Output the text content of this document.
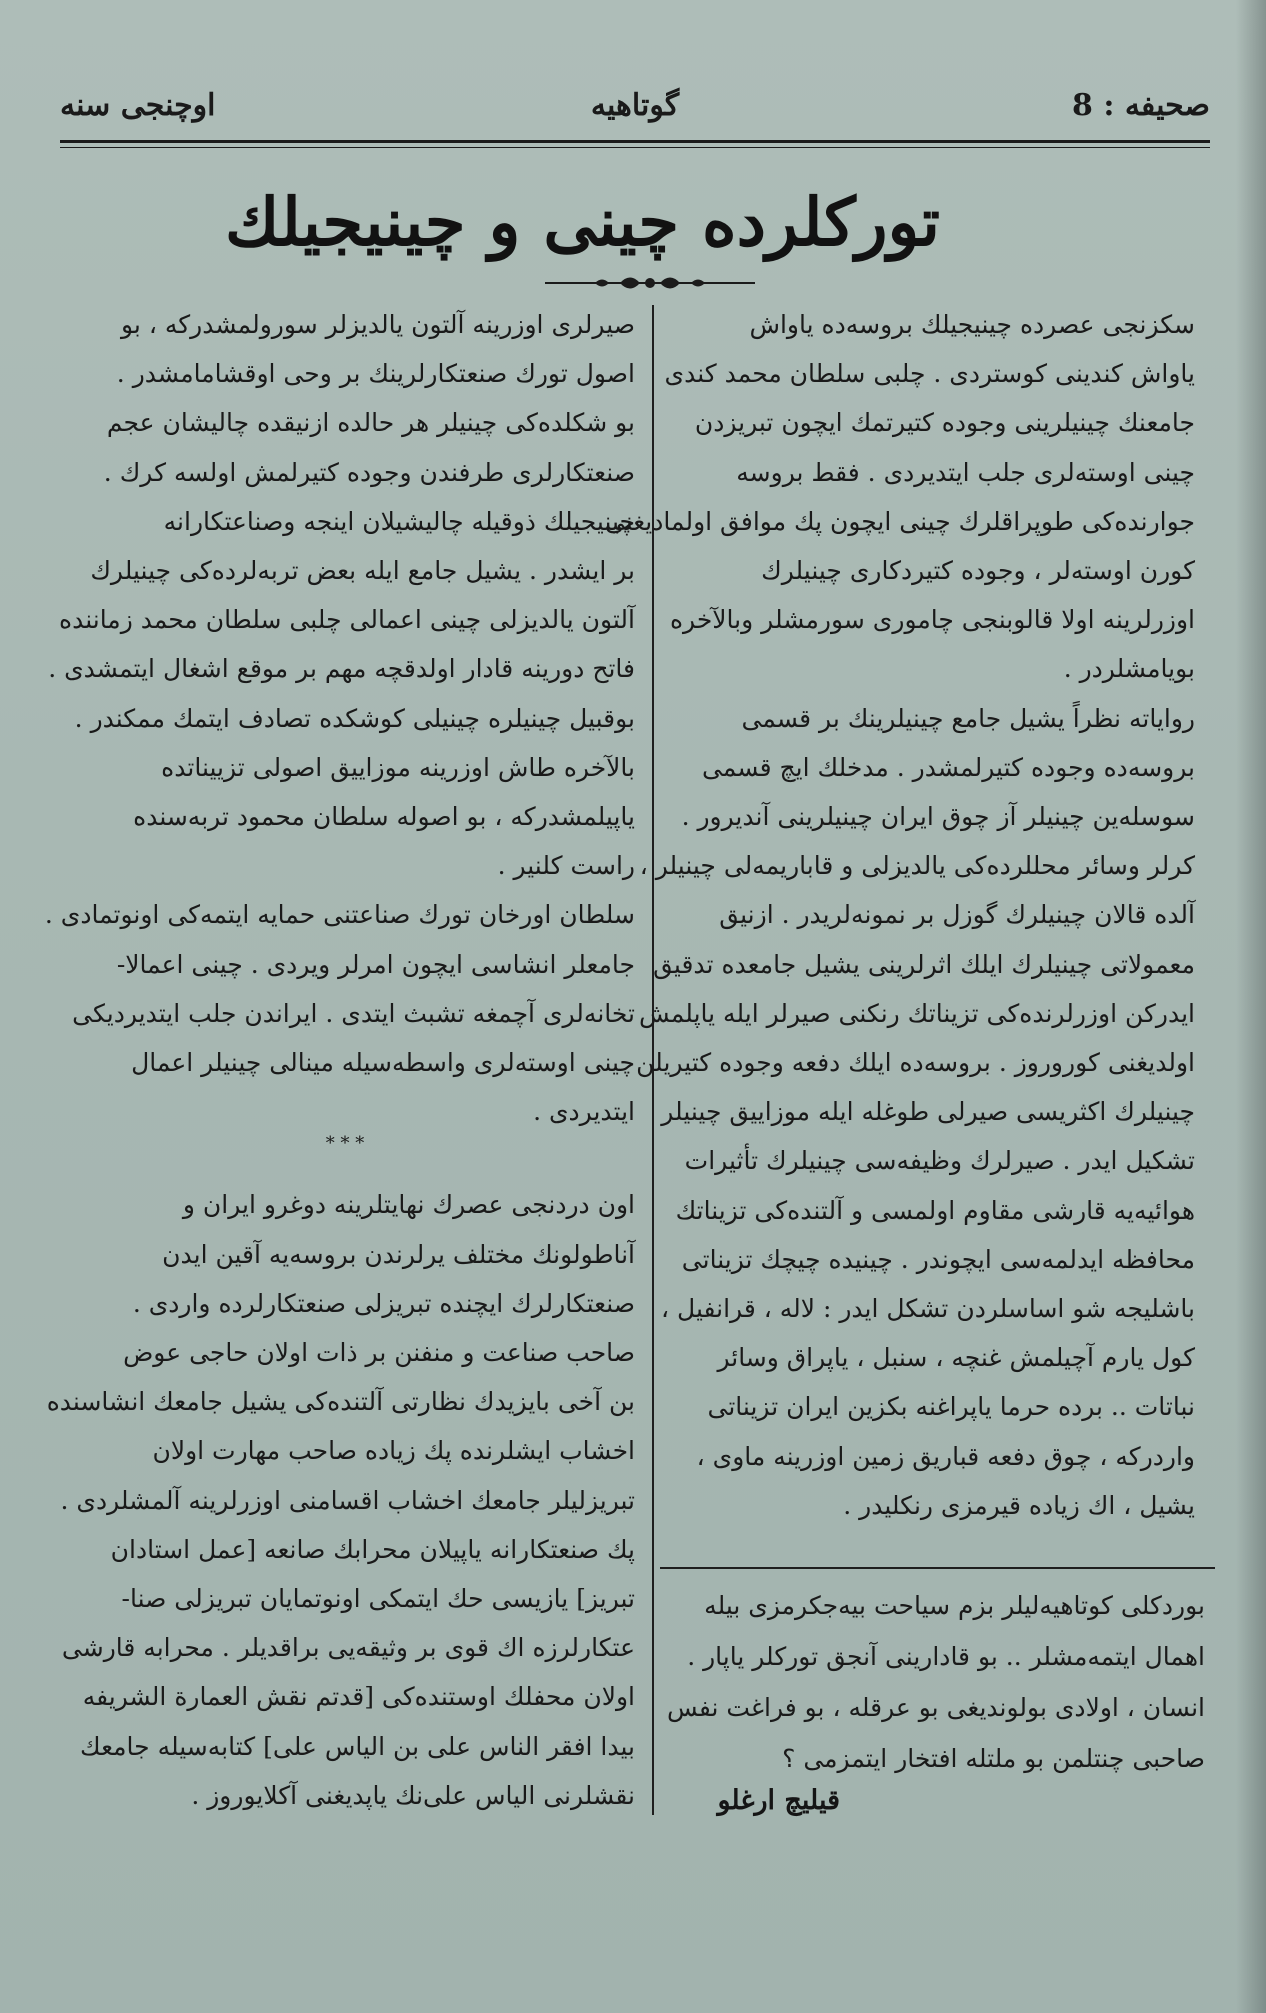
صحیفه : 8
گوتاهیه
اوچنجی سنه
تورکلرده چینی و چینیجیلك

سكزنجی عصرده چینیجیلك بروسه‌ده یاواش

یاواش كندینی كوسترد‌ی . چلبی سلطان محمد كندی

جامعنك چینیلرینی وجوده كتیرتمك ایچون تبریزدن

چینی اوسته‌لری جلب ایتدیردی . فقط بروسه

جوارنده‌كی طوپراقلرك چینی ایچون پك موافق اولمادیغنی

كورن اوسته‌لر ، وجوده كتیردكاری چینیلرك

اوزرلرینه اولا قالوبنجی چاموری سورمشلر وبالآخره

بویامشلردر .

روایاته نظراً یشیل جامع چینیلرینك بر قسمی

بروسه‌ده وجوده كتیرلمشدر . مدخلك ایچ قسمی

سوسله‌ین چینیلر آز چوق ایران چینیلرینی آندیرور .

كرلر وسائر محللرده‌كی یالدیزلی و قاباریمه‌لی چینیلر ،

آلده قالان چینیلرك گوزل بر نمونه‌لریدر . ازنیق

معمولاتی چینیلرك ایلك اثرلرینی یشیل جامعده تدقیق

ایدركن اوزرلرنده‌كی تزیناتك رنكنی صیرلر ایله یاپلمش

اولدیغنی كوروروز . بروسه‌ده ایلك دفعه وجوده كتیریلن

چینیلرك اكثریسی صیرلی طوغله ایله موزاییق چینیلر

تشكیل ایدر . صیرلرك وظیفه‌سی چینیلرك تأثیرات

هوائیه‌یه قارشی مقاوم اولمسی و آلتنده‌كی تزیناتك

محافظه ایدلمه‌سی ایچوندر . چینیده چیچك تزیناتی

باشلیجه شو اساسلردن تشكل ایدر : لاله ، قرانفیل ،

كول یارم آچیلمش غنچه ، سنبل ، یاپراق وسائر

نباتات .. برده حرما یاپراغنه بكزین ایران تزیناتی

واردركه ، چوق دفعه قباریق زمین اوزرینه ماوی ،

یشیل ، اك زیاده قیرمزی رنكلیدر .

صیرلری اوزرینه آلتون یالدیزلر سورولمشدركه ، بو

اصول تورك صنعتكارلرینك بر وحی اوقشامامشدر .

بو شكلده‌كی چینیلر هر حالده ازنیقده چالیشان عجم

صنعتكارلری طرفندن وجوده كتیرلمش اولسه كرك .

چینیجیلك ذوقیله چالیشیلان اینجه وصناعتكارانه

بر ایشدر . یشیل جامع ایله بعض تربه‌لرده‌كی چینیلرك

آلتون یالدیزلی چینی اعمالی چلبی سلطان محمد زماننده

فاتح دورینه قادار اولدقچه مهم بر موقع اشغال ایتمشدی .

بوقبیل چینیلره چینیلی كوشكده تصادف ایتمك ممكندر .

بالآخره طاش اوزرینه موزاییق اصولی تزییناتده

یاپیلمشدركه ، بو اصوله سلطان محمود تربه‌سنده

راست كلنیر .

سلطان اورخان تورك صناعتنی حمایه ایتمه‌كی اونوتمادی .

جامعلر انشاسی ایچون امرلر ویردی . چینی اعمالا-

تخانه‌لری آچمغه تشبث ایتدی . ایراندن جلب ایتدیردیكی

چینی اوسته‌لری واسطه‌سیله مینالی چینیلر اعمال

ایتدیردی .

اون دردنجی عصرك نهایتلرینه دوغرو ایران و

آناطولونك مختلف یرلرندن بروسه‌یه آقین ایدن

صنعتكارلرك ایچنده تبریزلی صنعتكارلرده واردی .

صاحب صناعت و منفنن بر ذات اولان حاجی عوض

بن آخی بایزیدك نظارتی آلتنده‌كی یشیل جامعك انشاسنده

اخشاب ایشلرنده پك زیاده صاحب مهارت اولان

تبریزلیلر جامعك اخشاب اقسامنی اوزرلرینه آلمشلردی .

پك صنعتكارانه یاپیلان محرابك صانعه [عمل استادان

تبریز] یازیسی حك ایتمكی اونوتمایان تبریزلی صنا-

عتكارلرزه اك قوی بر وثیقه‌یی براقدیلر . محرابه قارشی

اولان محفلك اوستنده‌كی [قدتم نقش العمارة الشریفه

بیدا افقر الناس علی بن الیاس علی] كتابه‌سیله جامعك

نقشلرنی الیاس علی‌نك یاپدیغنی آكلایوروز .

* * *

بوردكلی كوتاهیه‌لیلر بزم سیاحت بیه‌جكرمزی بیله

اهمال ایتمه‌مشلر .. بو قادارینی آنجق توركلر یاپار .

انسان ، اولادی بولوندیغی بو عرقله ، بو فراغت نفس

صاحبی چنتلمن بو ملتله افتخار ایتمزمی ؟

قیلیچ ارغلو
